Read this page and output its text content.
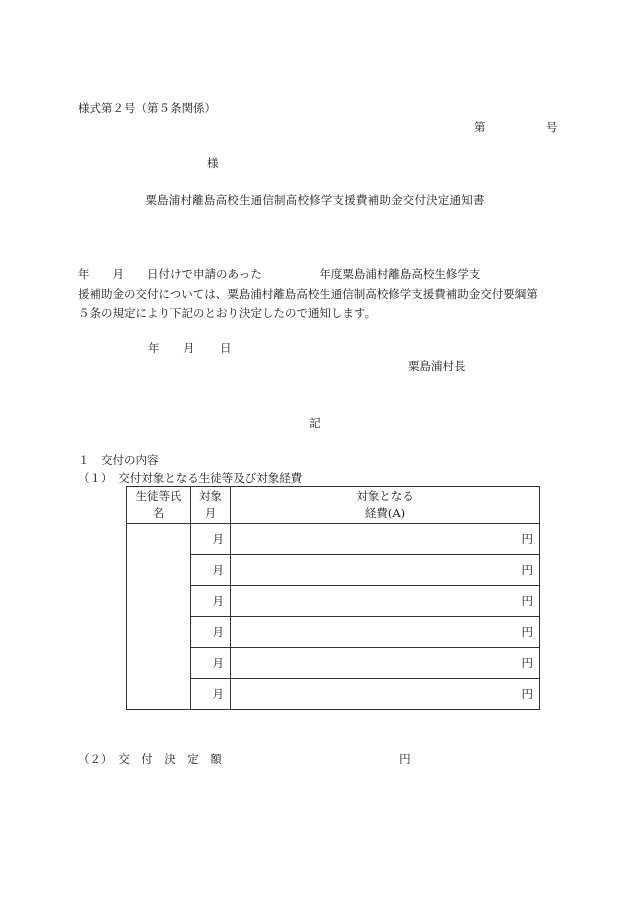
様式第２号（第５条関係）
第	号
様
粟島浦村離島高校生通信制高校修学支援費補助金交付決定通知書
年　　月　　日付けで申請のあった　　　　　年度粟島浦村離島高校生修学支
援補助金の交付については、粟島浦村離島高校生通信制高校修学支援費補助金交付要綱第
５条の規定により下記のとおり決定したので通知します。
年 月 日
粟島浦村長
記
１　交付の内容
（１）　交付対象となる生徒等及び対象経費
生徒等氏名	対象月	対象となる
経費(A)

	月	円
	月	円
	月	円
	月	円
	月	円
	月	円
（２）　交　付　決　定　額	円
